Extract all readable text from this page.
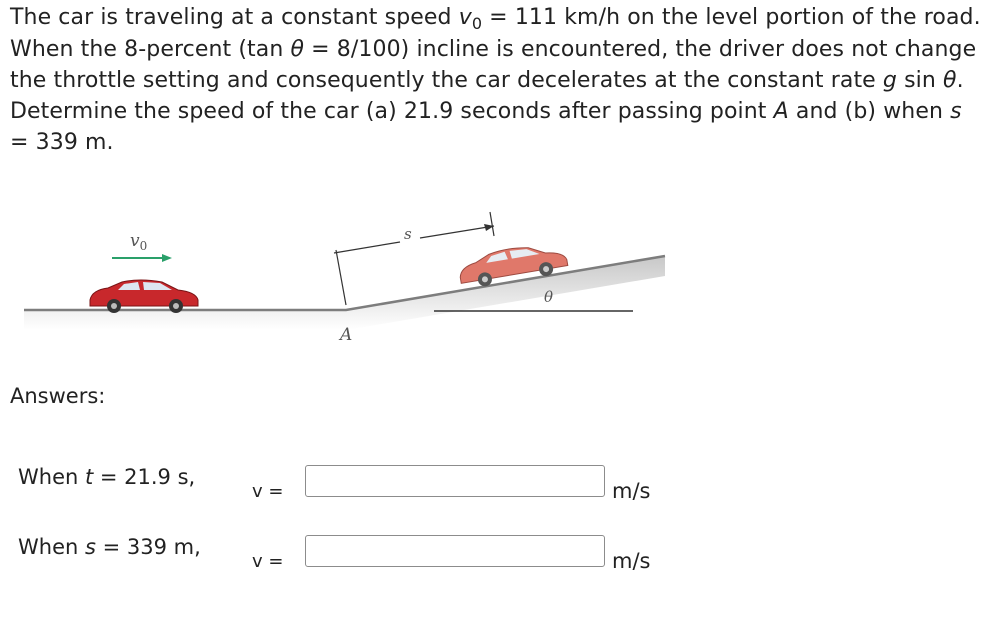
The car is traveling at a constant speed $v_0 = 111$ km/h on the level portion of the road. When the 8-percent (tan θ = 8/100) incline is encountered, the driver does not change the throttle setting and consequently the car decelerates at the constant rate g sin θ. Determine the speed of the car (a) 21.9 seconds after passing point A and (b) when s = 339 m.
$v_0$
s
A
θ
Answers:
When t = 21.9 s,
v =	m/s
When s = 339 m,
v =	m/s
